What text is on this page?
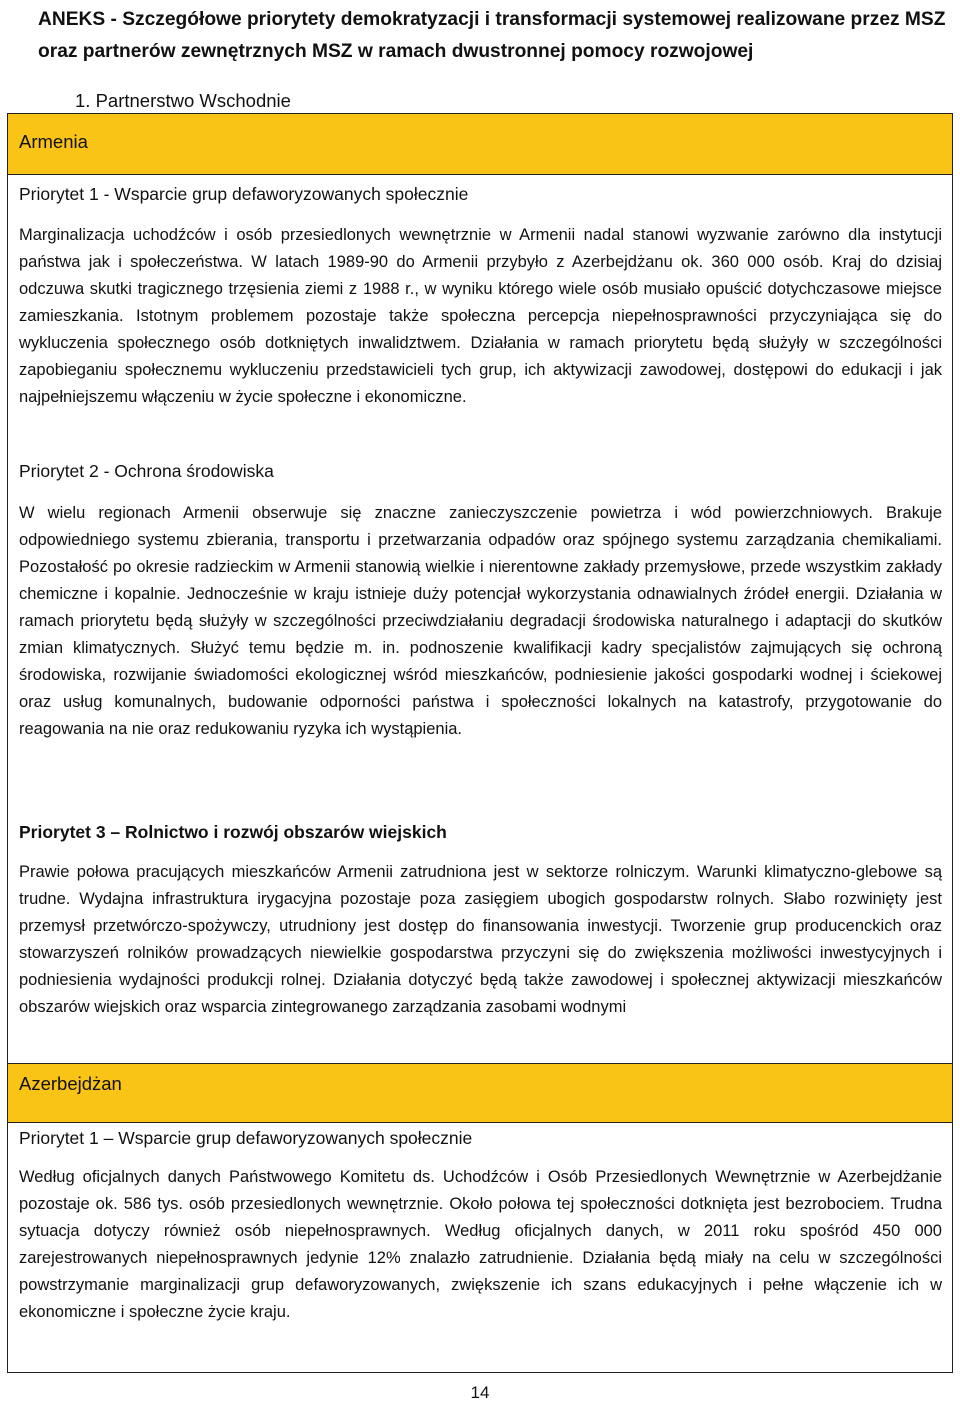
ANEKS - Szczegółowe priorytety demokratyzacji i transformacji systemowej realizowane przez MSZ oraz partnerów zewnętrznych MSZ w ramach dwustronnej pomocy rozwojowej
1. Partnerstwo Wschodnie
Armenia
Priorytet 1 - Wsparcie grup defaworyzowanych społecznie

Marginalizacja uchodźców i osób przesiedlonych wewnętrznie w Armenii nadal stanowi wyzwanie zarówno dla instytucji państwa jak i społeczeństwa. W latach 1989-90 do Armenii przybyło z Azerbejdżanu ok. 360 000 osób. Kraj do dzisiaj odczuwa skutki tragicznego trzęsienia ziemi z 1988 r., w wyniku którego wiele osób musiało opuścić dotychczasowe miejsce zamieszkania. Istotnym problemem pozostaje także społeczna percepcja niepełnosprawności przyczyniająca się do wykluczenia społecznego osób dotkniętych inwalidztwem. Działania w ramach priorytetu będą służyły w szczególności zapobieganiu społecznemu wykluczeniu przedstawicieli tych grup, ich aktywizacji zawodowej, dostępowi do edukacji i jak najpełniejszemu włączeniu w życie społeczne i ekonomiczne.

Priorytet 2 - Ochrona środowiska

W wielu regionach Armenii obserwuje się znaczne zanieczyszczenie powietrza i wód powierzchniowych. Brakuje odpowiedniego systemu zbierania, transportu i przetwarzania odpadów oraz spójnego systemu zarządzania chemikaliami. Pozostałość po okresie radzieckim w Armenii stanowią wielkie i nierentowne zakłady przemysłowe, przede wszystkim zakłady chemiczne i kopalnie. Jednocześnie w kraju istnieje duży potencjał wykorzystania odnawialnych źródeł energii. Działania w ramach priorytetu będą służyły w szczególności przeciwdziałaniu degradacji środowiska naturalnego i adaptacji do skutków zmian klimatycznych. Służyć temu będzie m. in. podnoszenie kwalifikacji kadry specjalistów zajmujących się ochroną środowiska, rozwijanie świadomości ekologicznej wśród mieszkańców, podniesienie jakości gospodarki wodnej i ściekowej oraz usług komunalnych, budowanie odporności państwa i społeczności lokalnych na katastrofy, przygotowanie do reagowania na nie oraz redukowaniu ryzyka ich wystąpienia.

Priorytet 3 – Rolnictwo i rozwój obszarów wiejskich

Prawie połowa pracujących mieszkańców Armenii zatrudniona jest w sektorze rolniczym. Warunki klimatyczno-glebowe są trudne. Wydajna infrastruktura irygacyjna pozostaje poza zasięgiem ubogich gospodarstw rolnych. Słabo rozwinięty jest przemysł przetwórczo-spożywczy, utrudniony jest dostęp do finansowania inwestycji. Tworzenie grup producenckich oraz stowarzyszeń rolników prowadzących niewielkie gospodarstwa przyczyni się do zwiększenia możliwości inwestycyjnych i podniesienia wydajności produkcji rolnej. Działania dotyczyć będą także zawodowej i społecznej aktywizacji mieszkańców obszarów wiejskich oraz wsparcia zintegrowanego zarządzania zasobami wodnymi

Azerbejdżan
Priorytet 1 – Wsparcie grup defaworyzowanych społecznie

Według oficjalnych danych Państwowego Komitetu ds. Uchodźców i Osób Przesiedlonych Wewnętrznie w Azerbejdżanie pozostaje ok. 586 tys. osób przesiedlonych wewnętrznie. Około połowa tej społeczności dotknięta jest bezrobociem. Trudna sytuacja dotyczy również osób niepełnosprawnych. Według oficjalnych danych, w 2011 roku spośród 450 000 zarejestrowanych niepełnosprawnych jedynie 12% znalazło zatrudnienie. Działania będą miały na celu w szczególności powstrzymanie marginalizacji grup defaworyzowanych, zwiększenie ich szans edukacyjnych i pełne włączenie ich w ekonomiczne i społeczne życie kraju.

14
